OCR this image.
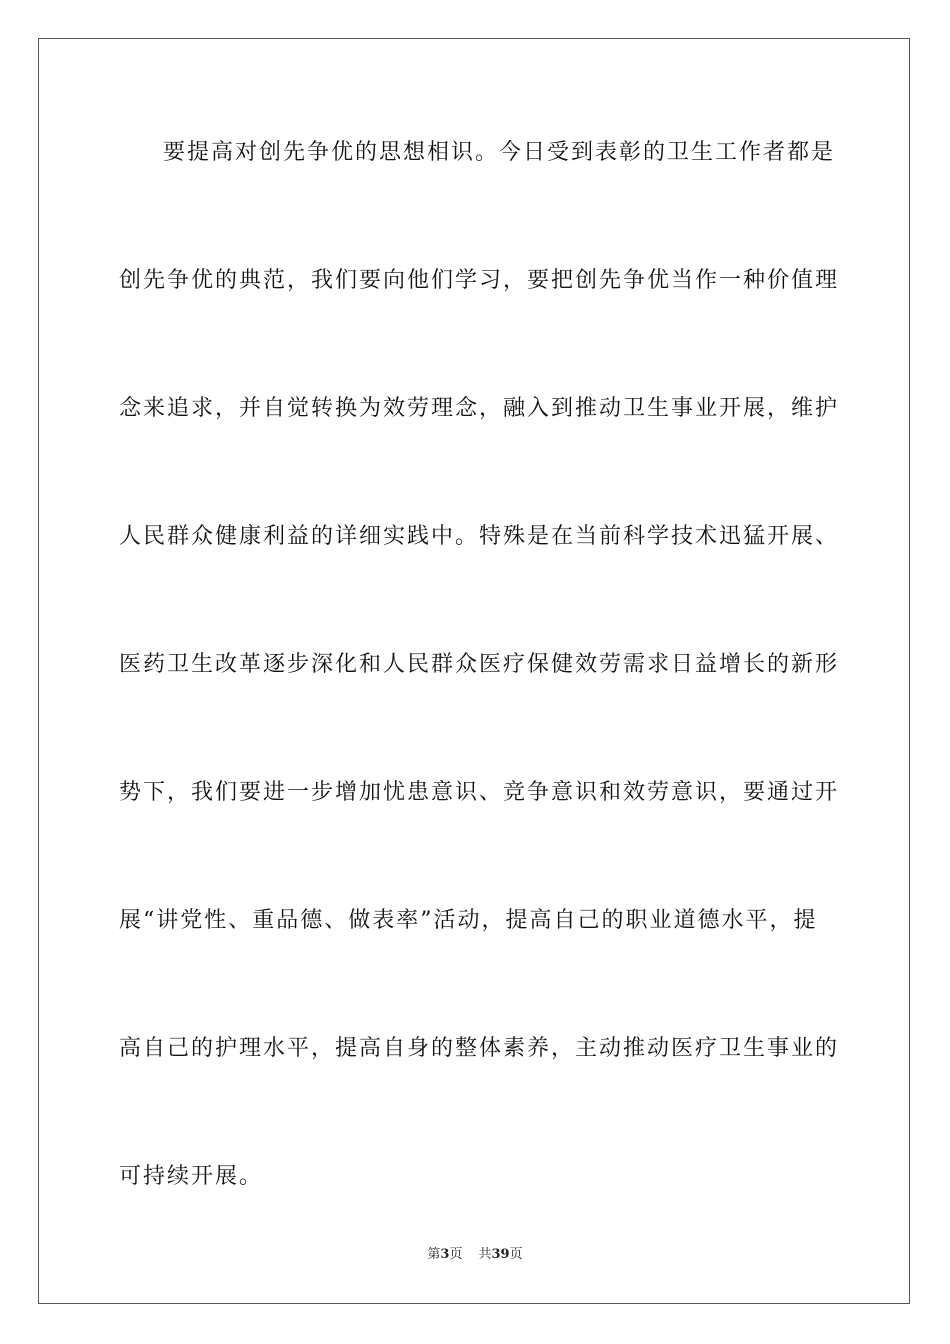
要提高对创先争优的思想相识。今日受到表彰的卫生工作者都是
创先争优的典范，我们要向他们学习，要把创先争优当作一种价值理
念来追求，并自觉转换为效劳理念，融入到推动卫生事业开展，维护
人民群众健康利益的详细实践中。特殊是在当前科学技术迅猛开展、
医药卫生改革逐步深化和人民群众医疗保健效劳需求日益增长的新形
势下，我们要进一步增加忧患意识、竞争意识和效劳意识，要通过开
展“讲党性、重品德、做表率”活动，提高自己的职业道德水平，提
高自己的护理水平，提高自身的整体素养，主动推动医疗卫生事业的
可持续开展。
第3页 共39页
